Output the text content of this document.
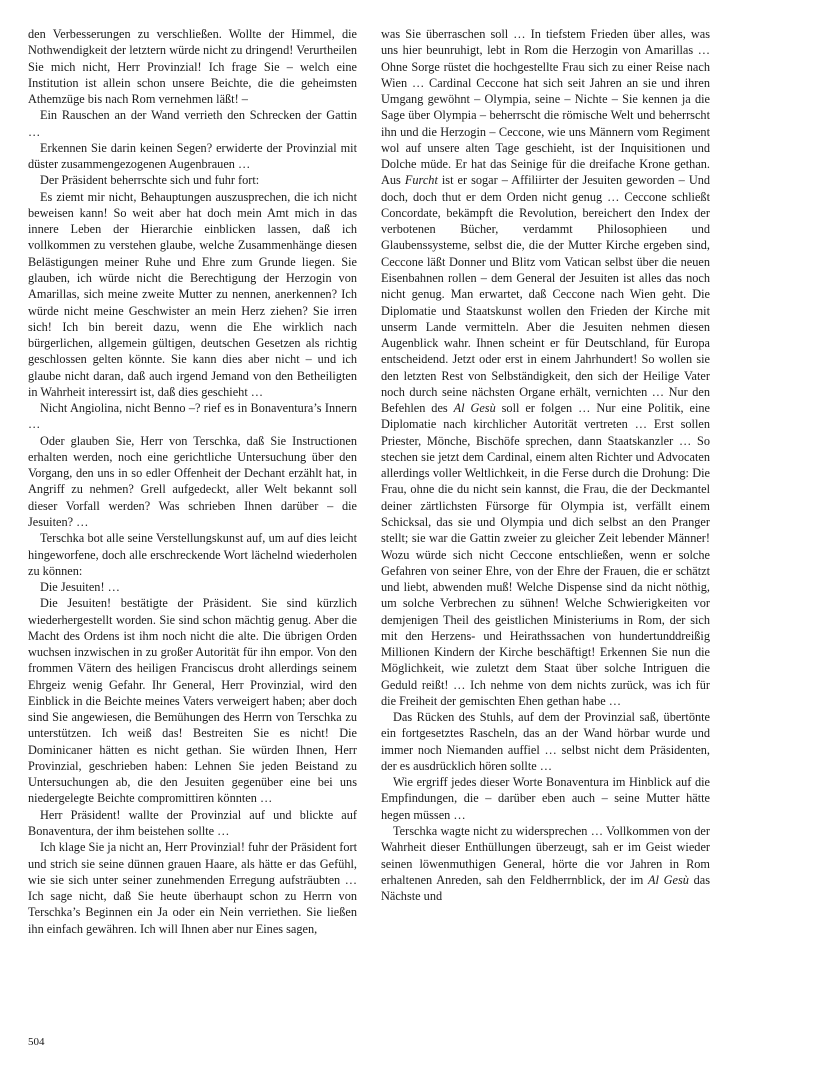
den Verbesserungen zu verschließen. Wollte der Himmel, die Nothwendigkeit der letztern würde nicht zu dringend! Verurtheilen Sie mich nicht, Herr Provinzial! Ich frage Sie – welch eine Institution ist allein schon unsere Beichte, die die geheimsten Athemzüge bis nach Rom vernehmen läßt! –

Ein Rauschen an der Wand verrieth den Schrecken der Gattin …

Erkennen Sie darin keinen Segen? erwiderte der Provinzial mit düster zusammengezogenen Augenbrauen …

Der Präsident beherrschte sich und fuhr fort:

Es ziemt mir nicht, Behauptungen auszusprechen, die ich nicht beweisen kann! So weit aber hat doch mein Amt mich in das innere Leben der Hierarchie einblicken lassen, daß ich vollkommen zu verstehen glaube, welche Zusammenhänge diesen Belästigungen meiner Ruhe und Ehre zum Grunde liegen. Sie glauben, ich würde nicht die Berechtigung der Herzogin von Amarillas, sich meine zweite Mutter zu nennen, anerkennen? Ich würde nicht meine Geschwister an mein Herz ziehen? Sie irren sich! Ich bin bereit dazu, wenn die Ehe wirklich nach bürgerlichen, allgemein gültigen, deutschen Gesetzen als richtig geschlossen gelten könnte. Sie kann dies aber nicht – und ich glaube nicht daran, daß auch irgend Jemand von den Betheiligten in Wahrheit interessirt ist, daß dies geschieht …

Nicht Angiolina, nicht Benno –? rief es in Bonaventura’s Innern …

Oder glauben Sie, Herr von Terschka, daß Sie Instructionen erhalten werden, noch eine gerichtliche Untersuchung über den Vorgang, den uns in so edler Offenheit der Dechant erzählt hat, in Angriff zu nehmen? Grell aufgedeckt, aller Welt bekannt soll dieser Vorfall werden? Was schrieben Ihnen darüber – die Jesuiten? …

Terschka bot alle seine Verstellungskunst auf, um auf dies leicht hingeworfene, doch alle erschreckende Wort lächelnd wiederholen zu können:

Die Jesuiten! …

Die Jesuiten! bestätigte der Präsident. Sie sind kürzlich wiederhergestellt worden. Sie sind schon mächtig genug. Aber die Macht des Ordens ist ihm noch nicht die alte. Die übrigen Orden wuchsen inzwischen in zu großer Autorität für ihn empor. Von den frommen Vätern des heiligen Franciscus droht allerdings seinem Ehrgeiz wenig Gefahr. Ihr General, Herr Provinzial, wird den Einblick in die Beichte meines Vaters verweigert haben; aber doch sind Sie angewiesen, die Bemühungen des Herrn von Terschka zu unterstützen. Ich weiß das! Bestreiten Sie es nicht! Die Dominicaner hätten es nicht gethan. Sie würden Ihnen, Herr Provinzial, geschrieben haben: Lehnen Sie jeden Beistand zu Untersuchungen ab, die den Jesuiten gegenüber eine bei uns niedergelegte Beichte compromittiren könnten …

Herr Präsident! wallte der Provinzial auf und blickte auf Bonaventura, der ihm beistehen sollte …

Ich klage Sie ja nicht an, Herr Provinzial! fuhr der Präsident fort und strich sie seine dünnen grauen Haare, als hätte er das Gefühl, wie sie sich unter seiner zunehmenden Erregung aufsträubten … Ich sage nicht, daß Sie heute überhaupt schon zu Herrn von Terschka’s Beginnen ein Ja oder ein Nein verriethen. Sie ließen ihn einfach gewähren. Ich will Ihnen aber nur Eines sagen,

was Sie überraschen soll … In tiefstem Frieden über alles, was uns hier beunruhigt, lebt in Rom die Herzogin von Amarillas … Ohne Sorge rüstet die hochgestellte Frau sich zu einer Reise nach Wien … Cardinal Ceccone hat sich seit Jahren an sie und ihren Umgang gewöhnt – Olympia, seine – Nichte – Sie kennen ja die Sage über Olympia – beherrscht die römische Welt und beherrscht ihn und die Herzogin – Ceccone, wie uns Männern vom Regiment wol auf unsere alten Tage geschieht, ist der Inquisitionen und Dolche müde. Er hat das Seinige für die dreifache Krone gethan. Aus Furcht ist er sogar – Affiliirter der Jesuiten geworden – Und doch, doch thut er dem Orden nicht genug … Ceccone schließt Concordate, bekämpft die Revolution, bereichert den Index der verbotenen Bücher, verdammt Philosophieen und Glaubenssysteme, selbst die, die der Mutter Kirche ergeben sind, Ceccone läßt Donner und Blitz vom Vatican selbst über die neuen Eisenbahnen rollen – dem General der Jesuiten ist alles das noch nicht genug. Man erwartet, daß Ceccone nach Wien geht. Die Diplomatie und Staatskunst wollen den Frieden der Kirche mit unserm Lande vermitteln. Aber die Jesuiten nehmen diesen Augenblick wahr. Ihnen scheint er für Deutschland, für Europa entscheidend. Jetzt oder erst in einem Jahrhundert! So wollen sie den letzten Rest von Selbständigkeit, den sich der Heilige Vater noch durch seine nächsten Organe erhält, vernichten … Nur den Befehlen des Al Gesù soll er folgen … Nur eine Politik, eine Diplomatie nach kirchlicher Autorität vertreten … Erst sollen Priester, Mönche, Bischöfe sprechen, dann Staatskanzler … So stechen sie jetzt dem Cardinal, einem alten Richter und Advocaten allerdings voller Weltlichkeit, in die Ferse durch die Drohung: Die Frau, ohne die du nicht sein kannst, die Frau, die der Deckmantel deiner zärtlichsten Fürsorge für Olympia ist, verfällt einem Schicksal, das sie und Olympia und dich selbst an den Pranger stellt; sie war die Gattin zweier zu gleicher Zeit lebender Männer! Wozu würde sich nicht Ceccone entschließen, wenn er solche Gefahren von seiner Ehre, von der Ehre der Frauen, die er schätzt und liebt, abwenden muß! Welche Dispense sind da nicht nöthig, um solche Verbrechen zu sühnen! Welche Schwierigkeiten vor demjenigen Theil des geistlichen Ministeriums in Rom, der sich mit den Herzens- und Heirathssachen von hundertunddreißig Millionen Kindern der Kirche beschäftigt! Erkennen Sie nun die Möglichkeit, wie zuletzt dem Staat über solche Intriguen die Geduld reißt! … Ich nehme von dem nichts zurück, was ich für die Freiheit der gemischten Ehen gethan habe …

Das Rücken des Stuhls, auf dem der Provinzial saß, übertönte ein fortgesetztes Rascheln, das an der Wand hörbar wurde und immer noch Niemanden auffiel … selbst nicht dem Präsidenten, der es ausdrücklich hören sollte …

Wie ergriff jedes dieser Worte Bonaventura im Hinblick auf die Empfindungen, die – darüber eben auch – seine Mutter hätte hegen müssen …

Terschka wagte nicht zu widersprechen … Vollkommen von der Wahrheit dieser Enthüllungen überzeugt, sah er im Geist wieder seinen löwenmuthigen General, hörte die vor Jahren in Rom erhaltenen Anreden, sah den Feldherrnblick, der im Al Gesù das Nächste und

504
